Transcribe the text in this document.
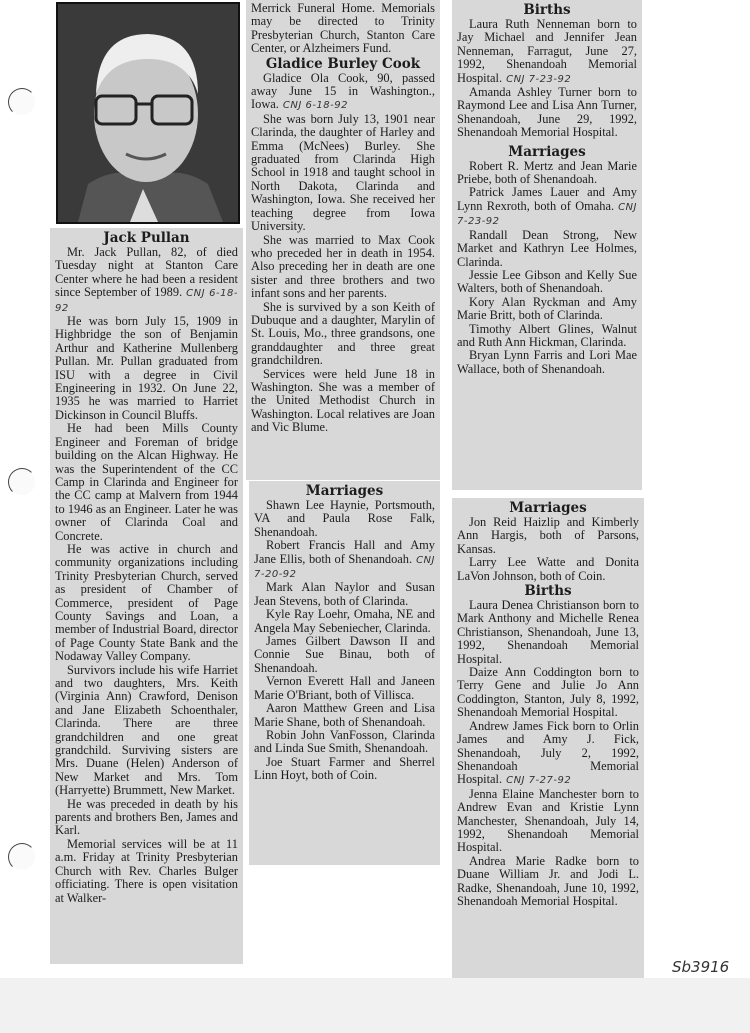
Jack Pullan

Mr. Jack Pullan, 82, of died Tuesday night at Stanton Care Center where he had been a resident since September of 1989. CNJ 6-18-92

He was born July 15, 1909 in Highbridge the son of Benjamin Arthur and Katherine Mullenberg Pullan. Mr. Pullan graduated from ISU with a degree in Civil Engineering in 1932. On June 22, 1935 he was married to Harriet Dickinson in Council Bluffs.

He had been Mills County Engineer and Foreman of bridge building on the Alcan Highway. He was the Superintendent of the CC Camp in Clarinda and Engineer for the CC camp at Malvern from 1944 to 1946 as an Engineer. Later he was owner of Clarinda Coal and Concrete.

He was active in church and community organizations including Trinity Presbyterian Church, served as president of Chamber of Commerce, president of Page County Savings and Loan, a member of Industrial Board, director of Page County State Bank and the Nodaway Valley Company.

Survivors include his wife Harriet and two daughters, Mrs. Keith (Virginia Ann) Crawford, Denison and Jane Elizabeth Schoenthaler, Clarinda. There are three grandchildren and one great grandchild. Surviving sisters are Mrs. Duane (Helen) Anderson of New Market and Mrs. Tom (Harryette) Brummett, New Market.

He was preceded in death by his parents and brothers Ben, James and Karl.

Memorial services will be at 11 a.m. Friday at Trinity Presbyterian Church with Rev. Charles Bulger officiating. There is open visitation at Walker-

Merrick Funeral Home. Memorials may be directed to Trinity Presbyterian Church, Stanton Care Center, or Alzheimers Fund.

Gladice Burley Cook

Gladice Ola Cook, 90, passed away June 15 in Washington., Iowa. CNJ 6-18-92

She was born July 13, 1901 near Clarinda, the daughter of Harley and Emma (McNees) Burley. She graduated from Clarinda High School in 1918 and taught school in North Dakota, Clarinda and Washington, Iowa. She received her teaching degree from Iowa University.

She was married to Max Cook who preceded her in death in 1954. Also preceding her in death are one sister and three brothers and two infant sons and her parents.

She is survived by a son Keith of Dubuque and a daughter, Marylin of St. Louis, Mo., three grandsons, one granddaughter and three great grandchildren.

Services were held June 18 in Washington. She was a member of the United Methodist Church in Washington. Local relatives are Joan and Vic Blume.

Marriages

Shawn Lee Haynie, Portsmouth, VA and Paula Rose Falk, Shenandoah.

Robert Francis Hall and Amy Jane Ellis, both of Shenandoah. CNJ 7-20-92

Mark Alan Naylor and Susan Jean Stevens, both of Clarinda.

Kyle Ray Loehr, Omaha, NE and Angela May Sebeniecher, Clarinda.

James Gilbert Dawson II and Connie Sue Binau, both of Shenandoah.

Vernon Everett Hall and Janeen Marie O'Briant, both of Villisca.

Aaron Matthew Green and Lisa Marie Shane, both of Shenandoah.

Robin John VanFosson, Clarinda and Linda Sue Smith, Shenandoah.

Joe Stuart Farmer and Sherrel Linn Hoyt, both of Coin.

Births

Laura Ruth Nenneman born to Jay Michael and Jennifer Jean Nenneman, Farragut, June 27, 1992, Shenandoah Memorial Hospital. CNJ 7-23-92

Amanda Ashley Turner born to Raymond Lee and Lisa Ann Turner, Shenandoah, June 29, 1992, Shenandoah Memorial Hospital.

Marriages

Robert R. Mertz and Jean Marie Priebe, both of Shenandoah.

Patrick James Lauer and Amy Lynn Rexroth, both of Omaha. CNJ 7-23-92

Randall Dean Strong, New Market and Kathryn Lee Holmes, Clarinda.

Jessie Lee Gibson and Kelly Sue Walters, both of Shenandoah.

Kory Alan Ryckman and Amy Marie Britt, both of Clarinda.

Timothy Albert Glines, Walnut and Ruth Ann Hickman, Clarinda.

Bryan Lynn Farris and Lori Mae Wallace, both of Shenandoah.

Marriages

Jon Reid Haizlip and Kimberly Ann Hargis, both of Parsons, Kansas.

Larry Lee Watte and Donita LaVon Johnson, both of Coin.

Births

Laura Denea Christianson born to Mark Anthony and Michelle Renea Christianson, Shenandoah, June 13, 1992, Shenandoah Memorial Hospital.

Daize Ann Coddington born to Terry Gene and Julie Jo Ann Coddington, Stanton, July 8, 1992, Shenandoah Memorial Hospital.

Andrew James Fick born to Orlin James and Amy J. Fick, Shenandoah, July 2, 1992, Shenandoah Memorial Hospital. CNJ 7-27-92

Jenna Elaine Manchester born to Andrew Evan and Kristie Lynn Manchester, Shenandoah, July 14, 1992, Shenandoah Memorial Hospital.

Andrea Marie Radke born to Duane William Jr. and Jodi L. Radke, Shenandoah, June 10, 1992, Shenandoah Memorial Hospital.

Sb3916
